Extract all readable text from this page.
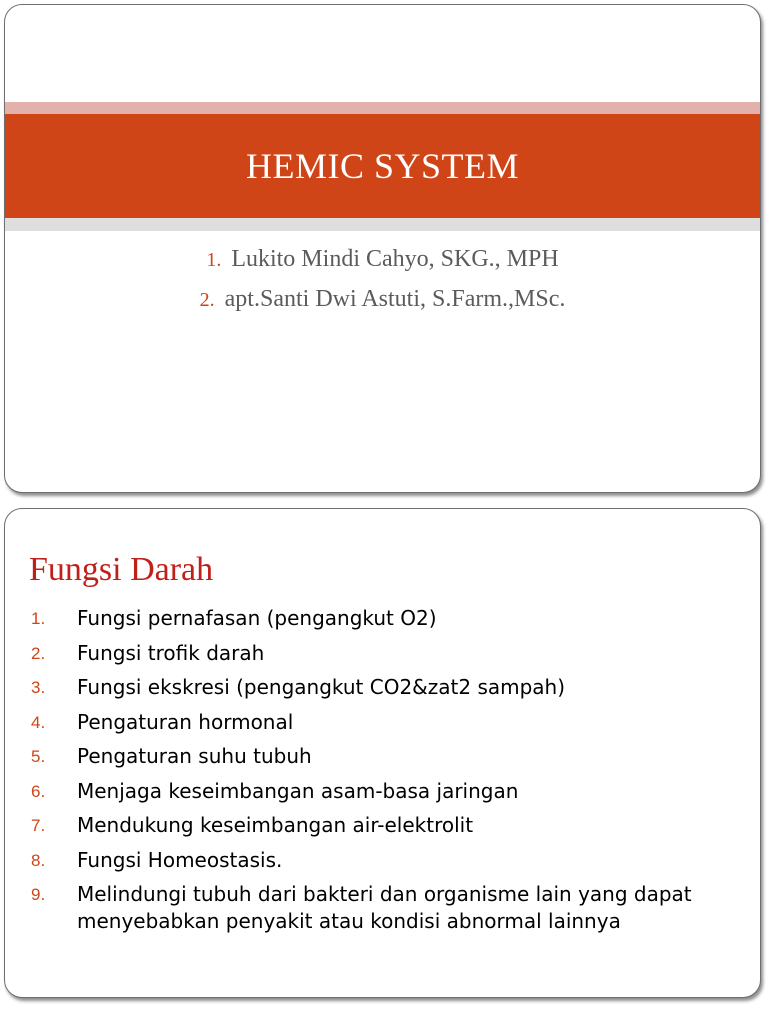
HEMIC SYSTEM
1. Lukito Mindi Cahyo, SKG., MPH
2. apt.Santi Dwi Astuti, S.Farm.,MSc.
Fungsi Darah
1. Fungsi pernafasan (pengangkut O2)
2. Fungsi trofik darah
3. Fungsi ekskresi (pengangkut CO2&zat2 sampah)
4. Pengaturan hormonal
5. Pengaturan suhu tubuh
6. Menjaga keseimbangan asam-basa jaringan
7. Mendukung keseimbangan air-elektrolit
8. Fungsi Homeostasis.
9. Melindungi tubuh dari bakteri dan organisme lain yang dapat menyebabkan penyakit atau kondisi abnormal lainnya
